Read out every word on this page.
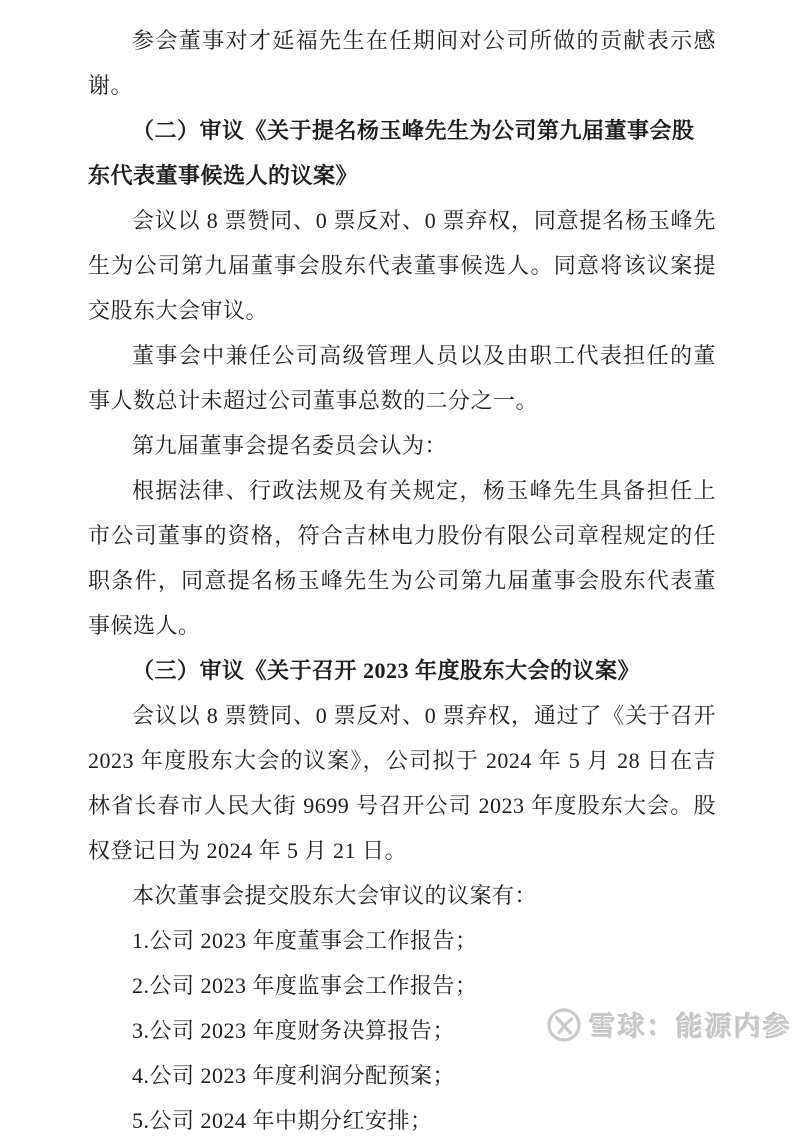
参会董事对才延福先生在任期间对公司所做的贡献表示感谢。

（二）审议《关于提名杨玉峰先生为公司第九届董事会股东代表董事候选人的议案》

会议以 8 票赞同、0 票反对、0 票弃权，同意提名杨玉峰先生为公司第九届董事会股东代表董事候选人。同意将该议案提交股东大会审议。

董事会中兼任公司高级管理人员以及由职工代表担任的董事人数总计未超过公司董事总数的二分之一。

第九届董事会提名委员会认为：

根据法律、行政法规及有关规定，杨玉峰先生具备担任上市公司董事的资格，符合吉林电力股份有限公司章程规定的任职条件，同意提名杨玉峰先生为公司第九届董事会股东代表董事候选人。

（三）审议《关于召开 2023 年度股东大会的议案》

会议以 8 票赞同、0 票反对、0 票弃权，通过了《关于召开 2023 年度股东大会的议案》，公司拟于 2024 年 5 月 28 日在吉林省长春市人民大街 9699 号召开公司 2023 年度股东大会。股权登记日为 2024 年 5 月 21 日。

本次董事会提交股东大会审议的议案有：

1.公司 2023 年度董事会工作报告；

2.公司 2023 年度监事会工作报告；

3.公司 2023 年度财务决算报告；

4.公司 2023 年度利润分配预案；

5.公司 2024 年中期分红安排；

雪球：能源内参
